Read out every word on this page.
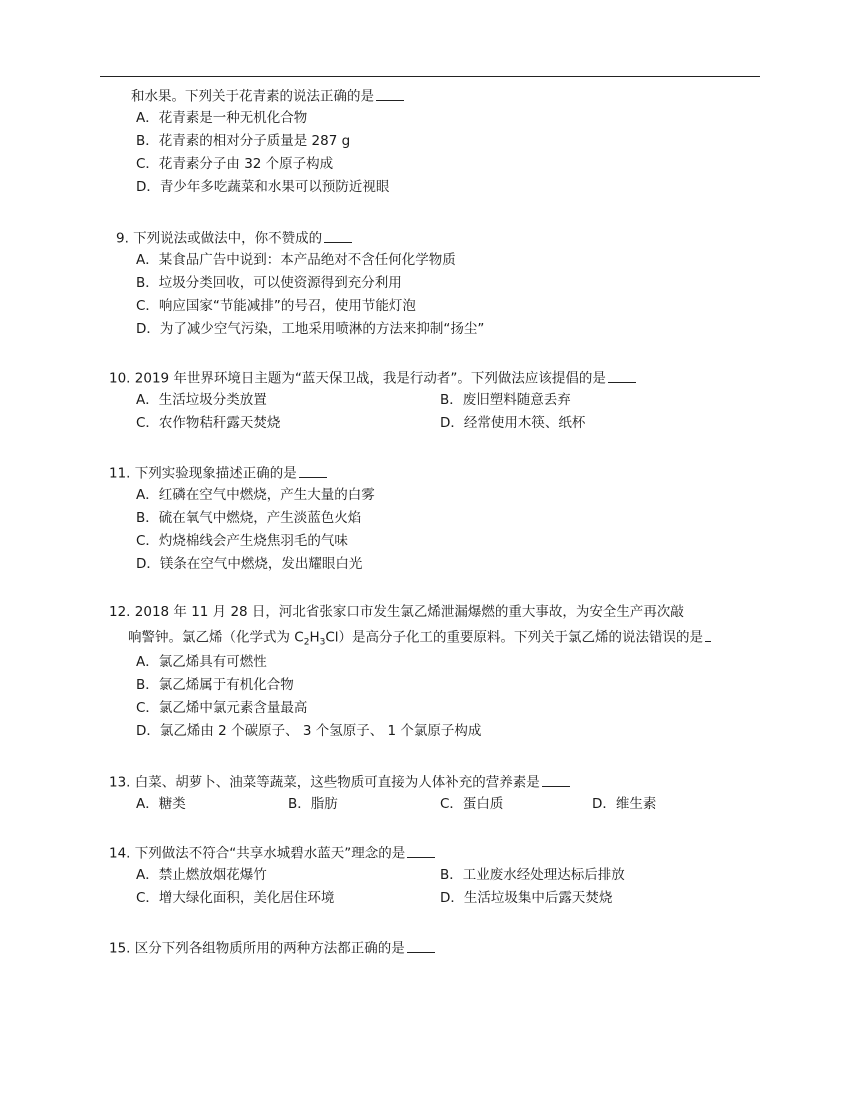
和水果。下列关于花青素的说法正确的是
A．花青素是一种无机化合物
B．花青素的相对分子质量是 287 g
C．花青素分子由 32 个原子构成
D．青少年多吃蔬菜和水果可以预防近视眼
9. 下列说法或做法中，你不赞成的
A．某食品广告中说到：本产品绝对不含任何化学物质
B．垃圾分类回收，可以使资源得到充分利用
C．响应国家“节能减排”的号召，使用节能灯泡
D．为了减少空气污染，工地采用喷淋的方法来抑制“扬尘”
10. 2019 年世界环境日主题为“蓝天保卫战，我是行动者”。下列做法应该提倡的是
A．生活垃圾分类放置	B．废旧塑料随意丢弃
C．农作物秸秆露天焚烧	D．经常使用木筷、纸杯
11. 下列实验现象描述正确的是
A．红磷在空气中燃烧，产生大量的白雾
B．硫在氧气中燃烧，产生淡蓝色火焰
C．灼烧棉线会产生烧焦羽毛的气味
D．镁条在空气中燃烧，发出耀眼白光
12. 2018 年 11 月 28 日，河北省张家口市发生氯乙烯泄漏爆燃的重大事故，为安全生产再次敲
响警钟。氯乙烯（化学式为 $C_2H_3Cl$）是高分子化工的重要原料。下列关于氯乙烯的说法错误的是
A．氯乙烯具有可燃性
B．氯乙烯属于有机化合物
C．氯乙烯中氯元素含量最高
D．氯乙烯由 2 个碳原子、 3 个氢原子、 1 个氯原子构成
13. 白菜、胡萝卜、油菜等蔬菜，这些物质可直接为人体补充的营养素是
A．糖类	B．脂肪	C．蛋白质	D．维生素
14. 下列做法不符合“共享水城碧水蓝天”理念的是
A．禁止燃放烟花爆竹	B．工业废水经处理达标后排放
C．增大绿化面积，美化居住环境	D．生活垃圾集中后露天焚烧
15. 区分下列各组物质所用的两种方法都正确的是
